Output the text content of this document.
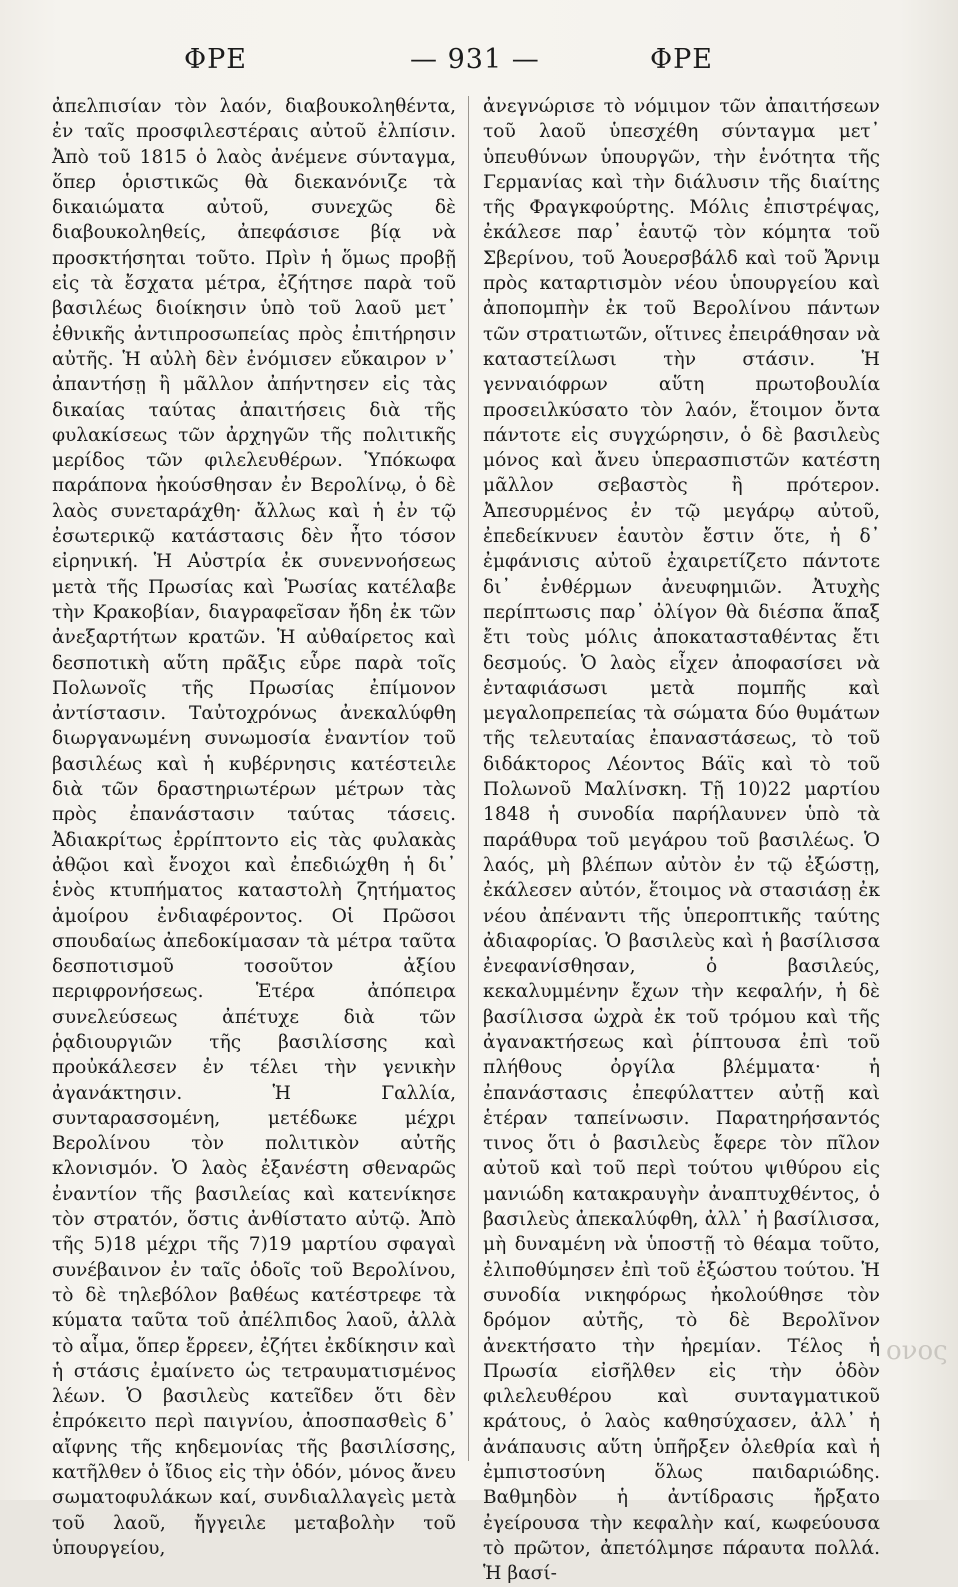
ΦΡΕ	— 931 —	ΦΡΕ
ἀπελπισίαν τὸν λαόν, διαβουκοληθέντα, ἐν ταῖς προσφιλεστέραις αὐτοῦ ἐλπίσιν. Ἀπὸ τοῦ 1815 ὁ λαὸς ἀνέμενε σύνταγμα, ὅπερ ὁριστικῶς θὰ διεκανόνιζε τὰ δικαιώματα αὐτοῦ, συνεχῶς δὲ διαβουκοληθείς, ἀπεφάσισε βίᾳ νὰ προσκτήσηται τοῦτο. Πρὶν ἡ ὅμως προβῇ εἰς τὰ ἔσχατα μέτρα, ἐζήτησε παρὰ τοῦ βασιλέως διοίκησιν ὑπὸ τοῦ λαοῦ μετ᾽ ἐθνικῆς ἀντιπροσωπείας πρὸς ἐπιτήρησιν αὐτῆς. Ἡ αὐλὴ δὲν ἐνόμισεν εὔκαιρον ν᾽ ἀπαντήσῃ ἢ μᾶλλον ἀπήντησεν εἰς τὰς δικαίας ταύτας ἀπαιτήσεις διὰ τῆς φυλακίσεως τῶν ἀρχηγῶν τῆς πολιτικῆς μερίδος τῶν φιλελευθέρων. Ὑπόκωφα παράπονα ἠκούσθησαν ἐν Βερολίνῳ, ὁ δὲ λαὸς συνεταράχθη· ἄλλως καὶ ἡ ἐν τῷ ἐσωτερικῷ κατάστασις δὲν ἦτο τόσον εἰρηνική. Ἡ Αὐστρία ἐκ συνεννοήσεως μετὰ τῆς Πρωσίας καὶ Ῥωσίας κατέλαβε τὴν Κρακοβίαν, διαγραφεῖσαν ἤδη ἐκ τῶν ἀνεξαρτήτων κρατῶν. Ἡ αὐθαίρετος καὶ δεσποτικὴ αὕτη πρᾶξις εὗρε παρὰ τοῖς Πολωνοῖς τῆς Πρωσίας ἐπίμονον ἀντίστασιν. Ταὐτοχρόνως ἀνεκαλύφθη διωργανωμένη συνωμοσία ἐναντίον τοῦ βασιλέως καὶ ἡ κυβέρνησις κατέστειλε διὰ τῶν δραστηριωτέρων μέτρων τὰς πρὸς ἐπανάστασιν ταύτας τάσεις. Ἀδιακρίτως ἐρρίπτοντο εἰς τὰς φυλακὰς ἀθῷοι καὶ ἔνοχοι καὶ ἐπεδιώχθη ἡ δι᾽ ἑνὸς κτυπήματος καταστολὴ ζητήματος ἀμοίρου ἐνδιαφέροντος. Οἱ Πρῶσοι σπουδαίως ἀπεδοκίμασαν τὰ μέτρα ταῦτα δεσποτισμοῦ τοσοῦτον ἀξίου περιφρονήσεως. Ἑτέρα ἀπόπειρα συνελεύσεως ἀπέτυχε διὰ τῶν ῥᾳδιουργιῶν τῆς βασιλίσσης καὶ προὐκάλεσεν ἐν τέλει τὴν γενικὴν ἀγανάκτησιν. Ἡ Γαλλία, συνταρασσομένη, μετέδωκε μέχρι Βερολίνου τὸν πολιτικὸν αὐτῆς κλονισμόν. Ὁ λαὸς ἐξανέστη σθεναρῶς ἐναντίον τῆς βασιλείας καὶ κατενίκησε τὸν στρατόν, ὅστις ἀνθίστατο αὐτῷ. Ἀπὸ τῆς 5)18 μέχρι τῆς 7)19 μαρτίου σφαγαὶ συνέβαινον ἐν ταῖς ὁδοῖς τοῦ Βερολίνου, τὸ δὲ τηλεβόλον βαθέως κατέστρεφε τὰ κύματα ταῦτα τοῦ ἀπέλπιδος λαοῦ, ἀλλὰ τὸ αἷμα, ὅπερ ἔρρεεν, ἐζήτει ἐκδίκησιν καὶ ἡ στάσις ἐμαίνετο ὡς τετραυματισμένος λέων. Ὁ βασιλεὺς κατεῖδεν ὅτι δὲν ἐπρόκειτο περὶ παιγνίου, ἀποσπασθεὶς δ᾽ αἴφνης τῆς κηδεμονίας τῆς βασιλίσσης, κατῆλθεν ὁ ἴδιος εἰς τὴν ὁδόν, μόνος ἄνευ σωματοφυλάκων καί, συνδιαλλαγεὶς μετὰ τοῦ λαοῦ, ἤγγειλε μεταβολὴν τοῦ ὑπουργείου,
ἀνεγνώρισε τὸ νόμιμον τῶν ἀπαιτήσεων τοῦ λαοῦ ὑπεσχέθη σύνταγμα μετ᾽ ὑπευθύνων ὑπουργῶν, τὴν ἑνότητα τῆς Γερμανίας καὶ τὴν διάλυσιν τῆς διαίτης τῆς Φραγκφούρτης. Μόλις ἐπιστρέψας, ἐκάλεσε παρ᾽ ἑαυτῷ τὸν κόμητα τοῦ Σβερίνου, τοῦ Ἀουερσβάλδ καὶ τοῦ Ἄρνιμ πρὸς καταρτισμὸν νέου ὑπουργείου καὶ ἀποπομπὴν ἐκ τοῦ Βερολίνου πάντων τῶν στρατιωτῶν, οἵτινες ἐπειράθησαν νὰ καταστείλωσι τὴν στάσιν. Ἡ γενναιόφρων αὕτη πρωτοβουλία προσειλκύσατο τὸν λαόν, ἕτοιμον ὄντα πάντοτε εἰς συγχώρησιν, ὁ δὲ βασιλεὺς μόνος καὶ ἄνευ ὑπερασπιστῶν κατέστη μᾶλλον σεβαστὸς ἢ πρότερον. Ἀπεσυρμένος ἐν τῷ μεγάρῳ αὐτοῦ, ἐπεδείκνυεν ἑαυτὸν ἔστιν ὅτε, ἡ δ᾽ ἐμφάνισις αὐτοῦ ἐχαιρετίζετο πάντοτε δι᾽ ἐνθέρμων ἀνευφημιῶν. Ἀτυχὴς περίπτωσις παρ᾽ ὀλίγον θὰ διέσπα ἅπαξ ἔτι τοὺς μόλις ἀποκατασταθέντας ἔτι δεσμούς. Ὁ λαὸς εἶχεν ἀποφασίσει νὰ ἐνταφιάσωσι μετὰ πομπῆς καὶ μεγαλοπρεπείας τὰ σώματα δύο θυμάτων τῆς τελευταίας ἐπαναστάσεως, τὸ τοῦ διδάκτορος Λέοντος Βάϊς καὶ τὸ τοῦ Πολωνοῦ Μαλίνσκη. Τῇ 10)22 μαρτίου 1848 ἡ συνοδία παρήλαυνεν ὑπὸ τὰ παράθυρα τοῦ μεγάρου τοῦ βασιλέως. Ὁ λαός, μὴ βλέπων αὐτὸν ἐν τῷ ἐξώστῃ, ἐκάλεσεν αὐτόν, ἕτοιμος νὰ στασιάσῃ ἐκ νέου ἀπέναντι τῆς ὑπεροπτικῆς ταύτης ἀδιαφορίας. Ὁ βασιλεὺς καὶ ἡ βασίλισσα ἐνεφανίσθησαν, ὁ βασιλεύς, κεκαλυμμένην ἔχων τὴν κεφαλήν, ἡ δὲ βασίλισσα ὠχρὰ ἐκ τοῦ τρόμου καὶ τῆς ἀγανακτήσεως καὶ ῥίπτουσα ἐπὶ τοῦ πλήθους ὀργίλα βλέμματα· ἡ ἐπανάστασις ἐπεφύλαττεν αὐτῇ καὶ ἑτέραν ταπείνωσιν. Παρατηρήσαντός τινος ὅτι ὁ βασιλεὺς ἔφερε τὸν πῖλον αὐτοῦ καὶ τοῦ περὶ τούτου ψιθύρου εἰς μανιώδη κατακραυγὴν ἀναπτυχθέντος, ὁ βασιλεὺς ἀπεκαλύφθη, ἀλλ᾽ ἡ βασίλισσα, μὴ δυναμένη νὰ ὑποστῇ τὸ θέαμα τοῦτο, ἐλιποθύμησεν ἐπὶ τοῦ ἐξώστου τούτου. Ἡ συνοδία νικηφόρως ἠκολούθησε τὸν δρόμον αὐτῆς, τὸ δὲ Βερολῖνον ἀνεκτήσατο τὴν ἠρεμίαν. Τέλος ἡ Πρωσία εἰσῆλθεν εἰς τὴν ὁδὸν φιλελευθέρου καὶ συνταγματικοῦ κράτους, ὁ λαὸς καθησύχασεν, ἀλλ᾽ ἡ ἀνάπαυσις αὕτη ὑπῆρξεν ὀλεθρία καὶ ἡ ἐμπιστοσύνη ὅλως παιδαριώδης. Βαθμηδὸν ἡ ἀντίδρασις ἤρξατο ἐγείρουσα τὴν κεφαλὴν καί, κωφεύουσα τὸ πρῶτον, ἀπετόλμησε πάραυτα πολλά. Ἡ βασί-
ονος
